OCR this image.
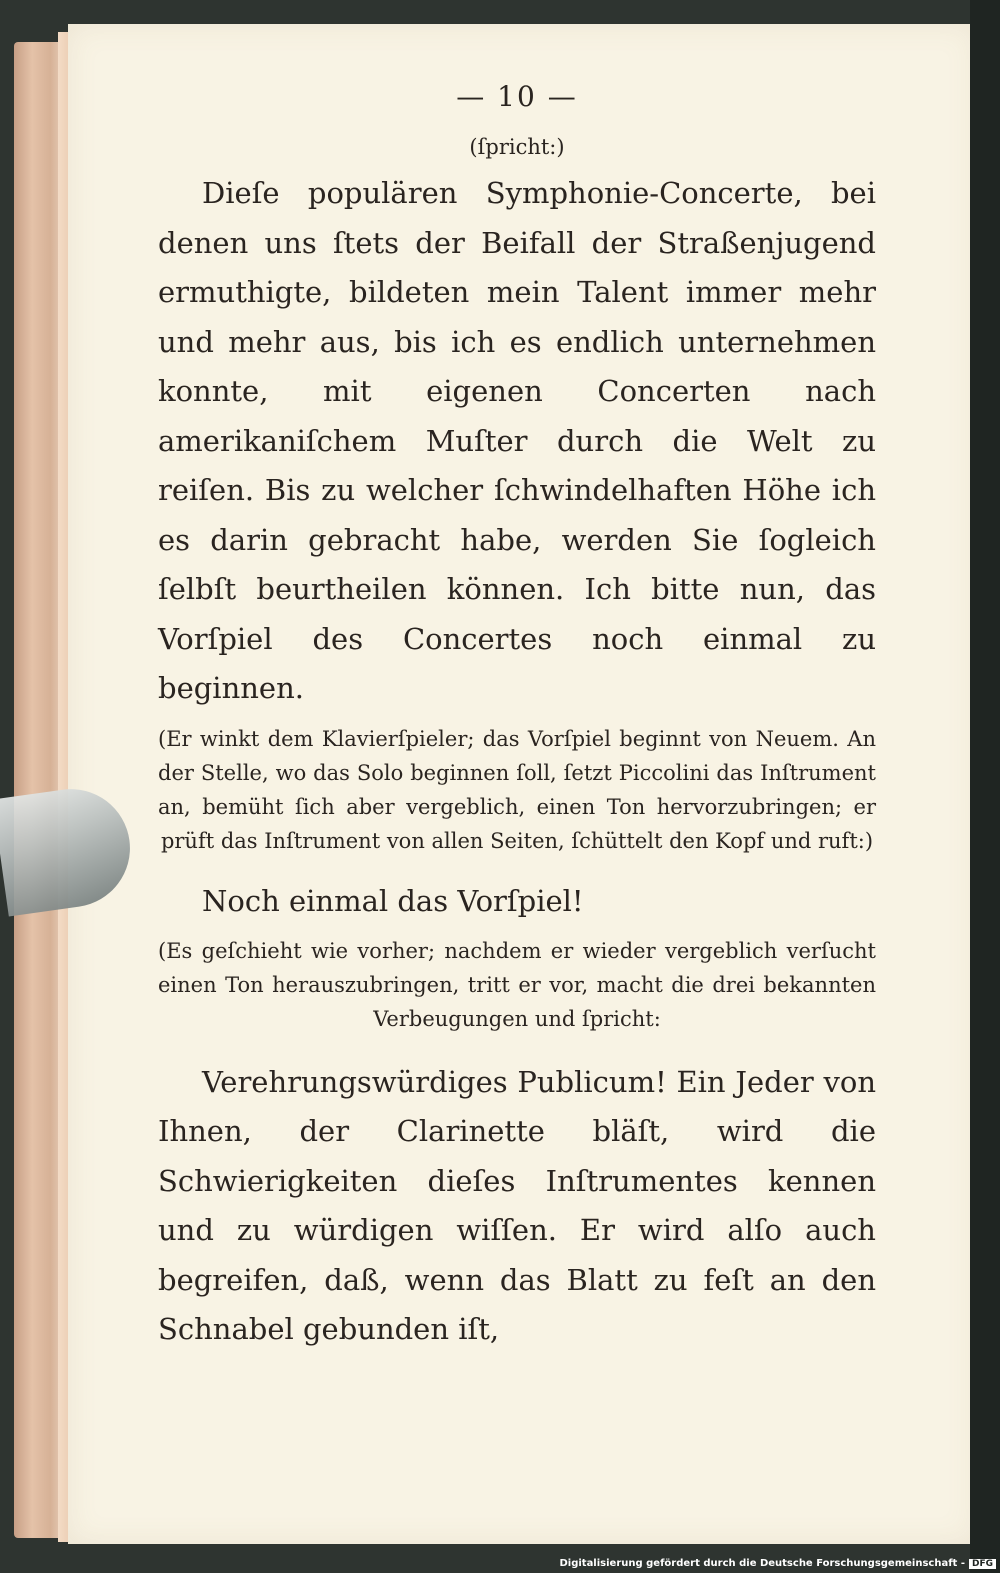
— 10 —
(ſpricht:)

Dieſe populären Symphonie-Concerte, bei denen uns ſtets der Beifall der Straßenjugend ermuthigte, bildeten mein Talent immer mehr und mehr aus, bis ich es endlich unternehmen konnte, mit eigenen Concerten nach amerikaniſchem Muſter durch die Welt zu reiſen. Bis zu welcher ſchwindelhaften Höhe ich es darin gebracht habe, werden Sie ſogleich ſelbſt beurtheilen können. Ich bitte nun, das Vorſpiel des Concertes noch einmal zu beginnen.

(Er winkt dem Klavierſpieler; das Vorſpiel beginnt von Neuem. An der Stelle, wo das Solo beginnen ſoll, ſetzt Piccolini das Inſtrument an, bemüht ſich aber vergeblich, einen Ton hervorzubringen; er prüft das Inſtrument von allen Seiten, ſchüttelt den Kopf und ruft:)

Noch einmal das Vorſpiel!

(Es geſchieht wie vorher; nachdem er wieder vergeblich verſucht einen Ton herauszubringen, tritt er vor, macht die drei bekannten Verbeugungen und ſpricht:

Verehrungswürdiges Publicum! Ein Jeder von Ihnen, der Clarinette bläſt, wird die Schwierigkeiten dieſes Inſtrumentes kennen und zu würdigen wiſſen. Er wird alſo auch begreifen, daß, wenn das Blatt zu feſt an den Schnabel gebunden iſt,

Digitalisierung gefördert durch die Deutsche Forschungsgemeinschaft - DFG
